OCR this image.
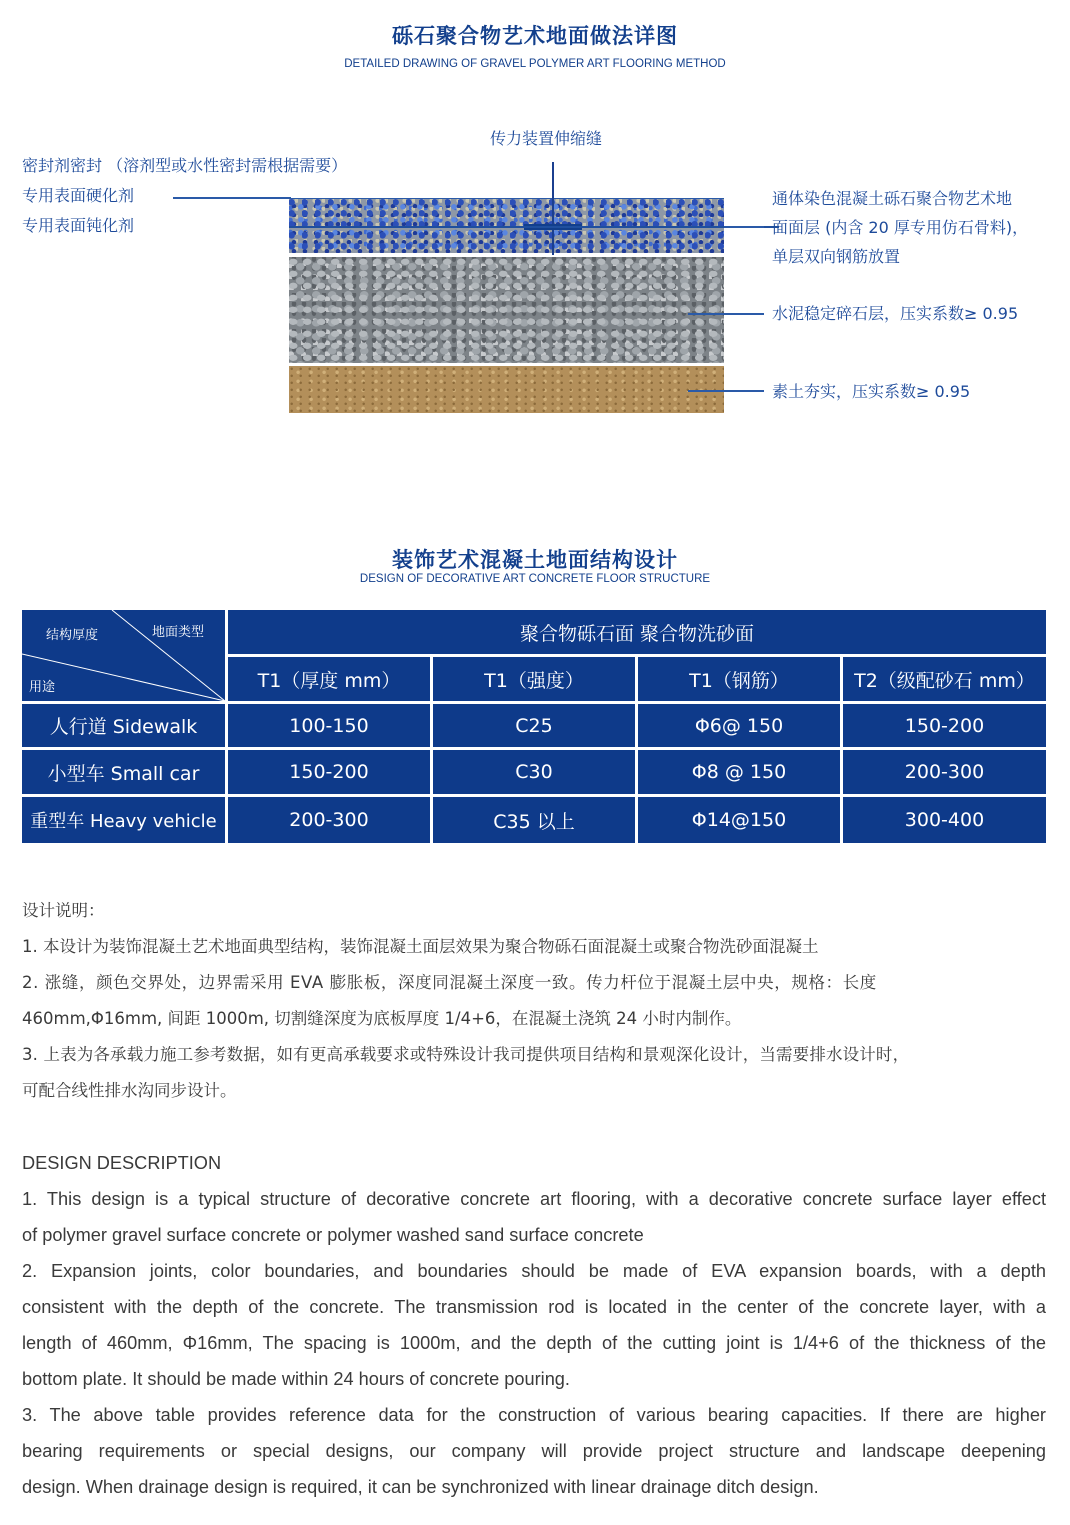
砾石聚合物艺术地面做法详图
DETAILED DRAWING OF GRAVEL POLYMER ART FLOORING METHOD
密封剂密封 （溶剂型或水性密封需根据需要）
专用表面硬化剂
专用表面钝化剂
传力装置伸缩缝
通体染色混凝土砾石聚合物艺术地
面面层 (内含 20 厚专用仿石骨料)，
单层双向钢筋放置
水泥稳定碎石层，压实系数≥ 0.95
素土夯实，压实系数≥ 0.95
装饰艺术混凝土地面结构设计
DESIGN OF DECORATIVE ART CONCRETE FLOOR STRUCTURE
结构厚度	地面类型
用途
聚合物砾石面 聚合物洗砂面
T1（厚度 mm）	T1（强度）	T1（钢筋）	T2（级配砂石 mm）
人行道 Sidewalk	100-150	C25	Φ6@ 150	150-200
小型车 Small car	150-200	C30	Φ8 @ 150	200-300
重型车 Heavy vehicle	200-300	C35 以上	Φ14@150	300-400

设计说明：

1. 本设计为装饰混凝土艺术地面典型结构，装饰混凝土面层效果为聚合物砾石面混凝土或聚合物洗砂面混凝土

2. 涨缝，颜色交界处，边界需采用 EVA 膨胀板，深度同混凝土深度一致。传力杆位于混凝土层中央，规格：长度

460mm,Φ16mm, 间距 1000m, 切割缝深度为底板厚度 1/4+6，在混凝土浇筑 24 小时内制作。

3. 上表为各承载力施工参考数据，如有更高承载要求或特殊设计我司提供项目结构和景观深化设计，当需要排水设计时，

可配合线性排水沟同步设计。

DESIGN DESCRIPTION

1. This design is a typical structure of decorative concrete art flooring, with a decorative concrete surface layer effect

of polymer gravel surface concrete or polymer washed sand surface concrete

2. Expansion joints, color boundaries, and boundaries should be made of EVA expansion boards, with a depth

consistent with the depth of the concrete. The transmission rod is located in the center of the concrete layer, with a

length of 460mm, Φ16mm, The spacing is 1000m, and the depth of the cutting joint is 1/4+6 of the thickness of the

bottom plate. It should be made within 24 hours of concrete pouring.

3. The above table provides reference data for the construction of various bearing capacities. If there are higher

bearing requirements or special designs, our company will provide project structure and landscape deepening

design. When drainage design is required, it can be synchronized with linear drainage ditch design.
